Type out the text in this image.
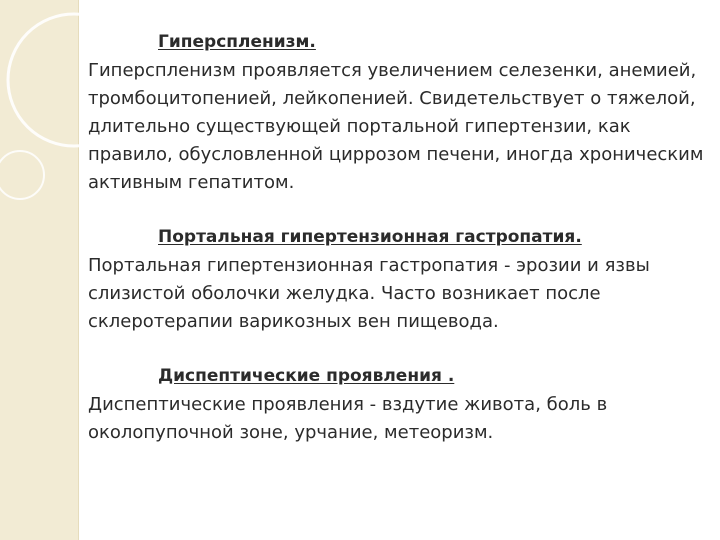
Гиперспленизм.

Гиперспленизм проявляется увеличением селезенки, анемией, тромбоцитопенией, лейкопенией. Свидетельствует о тяжелой, длительно существующей портальной гипертензии, как правило, обусловленной циррозом печени, иногда хроническим активным гепатитом.

Портальная гипертензионная гастропатия.

Портальная гипертензионная гастропатия - эрозии и язвы слизистой оболочки желудка. Часто возникает после склеротерапии варикозных вен пищевода.

Диспептические проявления .

Диспептические проявления - вздутие живота, боль в околопупочной зоне, урчание, метеоризм.
